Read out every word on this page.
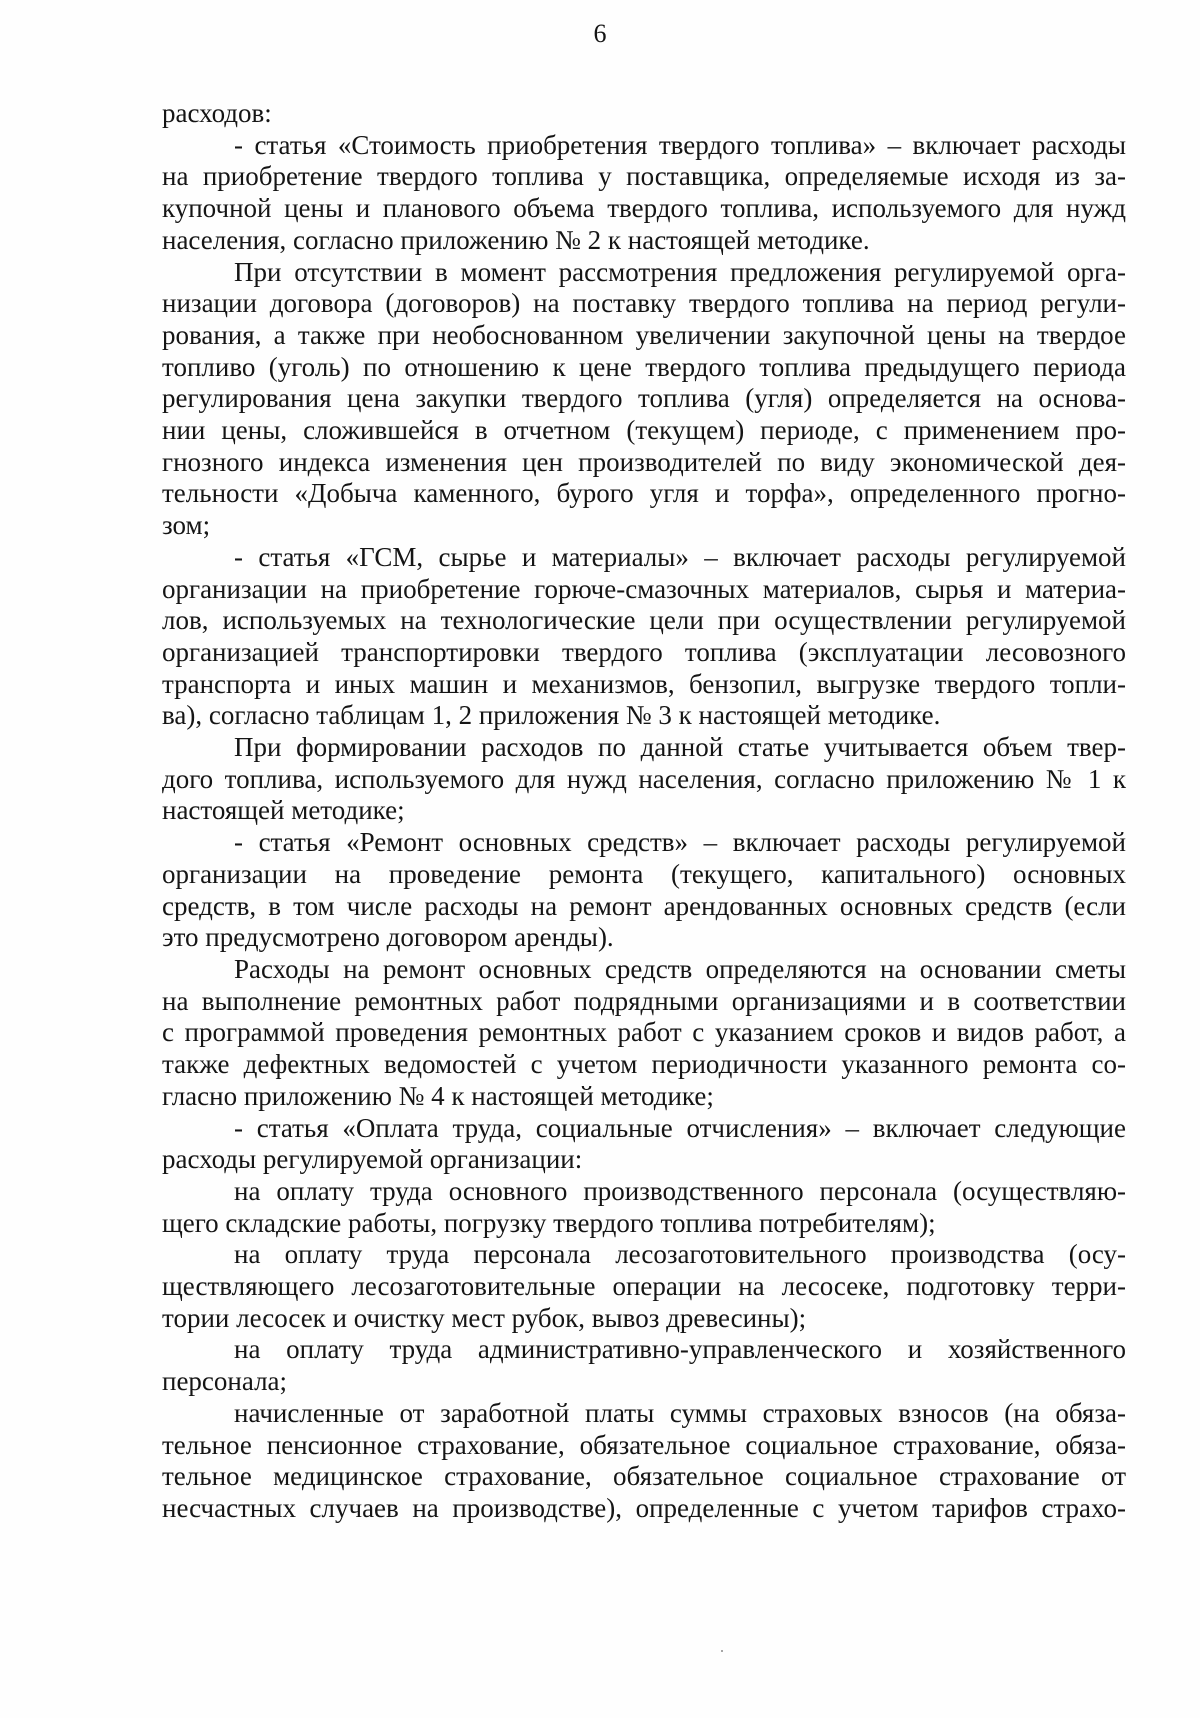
6
расходов:
- статья «Стоимость приобретения твердого топлива» – включает расходы
на приобретение твердого топлива у поставщика, определяемые исходя из за-
купочной цены и планового объема твердого топлива, используемого для нужд
населения, согласно приложению № 2 к настоящей методике.
При отсутствии в момент рассмотрения предложения регулируемой орга-
низации договора (договоров) на поставку твердого топлива на период регули-
рования, а также при необоснованном увеличении закупочной цены на твердое
топливо (уголь) по отношению к цене твердого топлива предыдущего периода
регулирования цена закупки твердого топлива (угля) определяется на основа-
нии цены, сложившейся в отчетном (текущем) периоде, с применением про-
гнозного индекса изменения цен производителей по виду экономической дея-
тельности «Добыча каменного, бурого угля и торфа», определенного прогно-
зом;
- статья «ГСМ, сырье и материалы» – включает расходы регулируемой
организации на приобретение горюче-смазочных материалов, сырья и материа-
лов, используемых на технологические цели при осуществлении регулируемой
организацией транспортировки твердого топлива (эксплуатации лесовозного
транспорта и иных машин и механизмов, бензопил, выгрузке твердого топли-
ва), согласно таблицам 1, 2 приложения № 3 к настоящей методике.
При формировании расходов по данной статье учитывается объем твер-
дого топлива, используемого для нужд населения, согласно приложению № 1 к
настоящей методике;
- статья «Ремонт основных средств» – включает расходы регулируемой
организации на проведение ремонта (текущего, капитального) основных
средств, в том числе расходы на ремонт арендованных основных средств (если
это предусмотрено договором аренды).
Расходы на ремонт основных средств определяются на основании сметы
на выполнение ремонтных работ подрядными организациями и в соответствии
с программой проведения ремонтных работ с указанием сроков и видов работ, а
также дефектных ведомостей с учетом периодичности указанного ремонта со-
гласно приложению № 4 к настоящей методике;
- статья «Оплата труда, социальные отчисления» – включает следующие
расходы регулируемой организации:
на оплату труда основного производственного персонала (осуществляю-
щего складские работы, погрузку твердого топлива потребителям);
на оплату труда персонала лесозаготовительного производства (осу-
ществляющего лесозаготовительные операции на лесосеке, подготовку терри-
тории лесосек и очистку мест рубок, вывоз древесины);
на оплату труда административно-управленческого и хозяйственного
персонала;
начисленные от заработной платы суммы страховых взносов (на обяза-
тельное пенсионное страхование, обязательное социальное страхование, обяза-
тельное медицинское страхование, обязательное социальное страхование от
несчастных случаев на производстве), определенные с учетом тарифов страхо-
